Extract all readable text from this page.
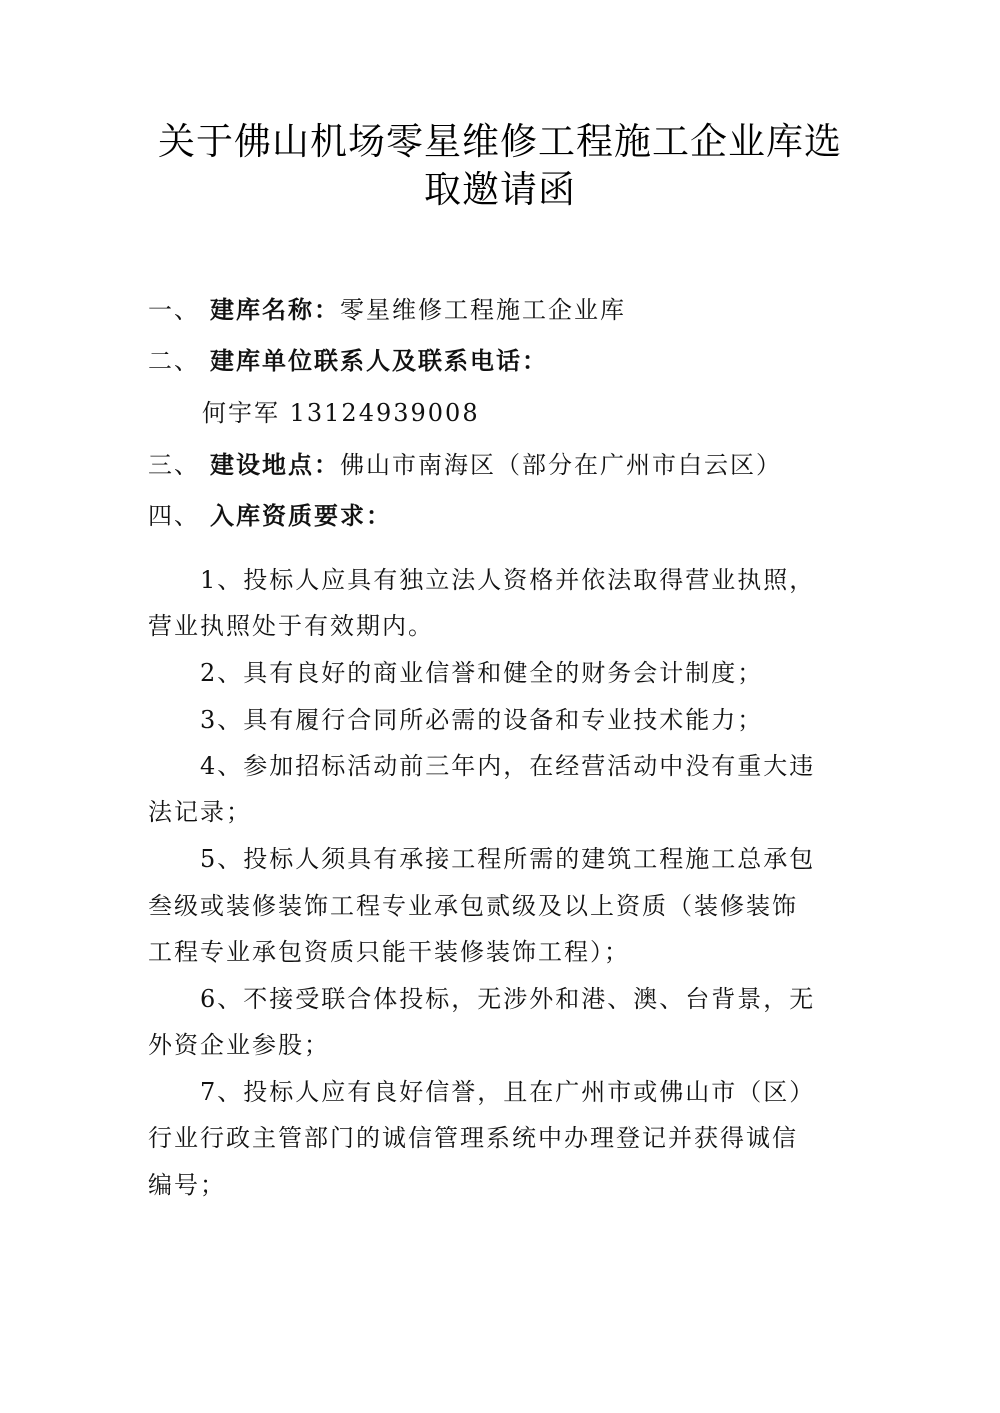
关于佛山机场零星维修工程施工企业库选
取邀请函
一、 建库名称：零星维修工程施工企业库
二、 建库单位联系人及联系电话：
何宇军 13124939008
三、 建设地点：佛山市南海区（部分在广州市白云区）
四、 入库资质要求：
1、投标人应具有独立法人资格并依法取得营业执照，
营业执照处于有效期内。
2、具有良好的商业信誉和健全的财务会计制度；
3、具有履行合同所必需的设备和专业技术能力；
4、参加招标活动前三年内，在经营活动中没有重大违
法记录；
5、投标人须具有承接工程所需的建筑工程施工总承包
叁级或装修装饰工程专业承包贰级及以上资质（装修装饰
工程专业承包资质只能干装修装饰工程）；
6、不接受联合体投标，无涉外和港、澳、台背景，无
外资企业参股；
7、投标人应有良好信誉，且在广州市或佛山市（区）
行业行政主管部门的诚信管理系统中办理登记并获得诚信
编号；
